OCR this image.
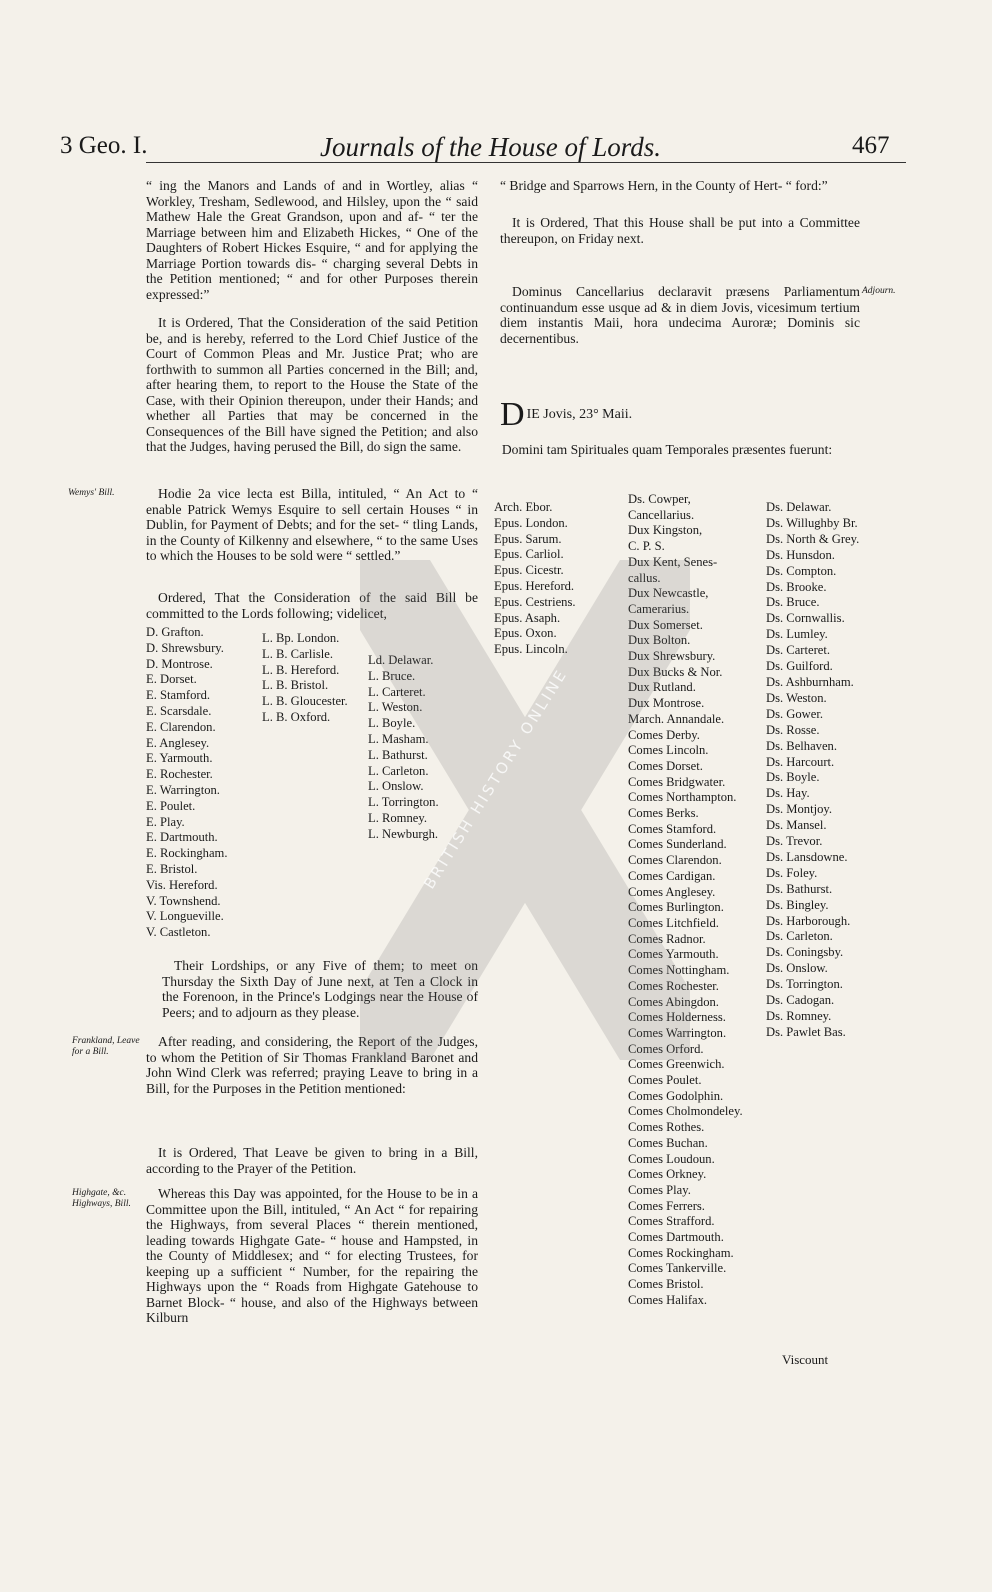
3 Geo. I.	Journals of the House of Lords.	467
“ ing the Manors and Lands of and in Wortley, alias “ Workley, Tresham, Sedlewood, and Hilsley, upon the “ said Mathew Hale the Great Grandson, upon and af- “ ter the Marriage between him and Elizabeth Hickes, “ One of the Daughters of Robert Hickes Esquire, “ and for applying the Marriage Portion towards dis- “ charging several Debts in the Petition mentioned; “ and for other Purposes therein expressed:”
It is Ordered, That the Consideration of the said Petition be, and is hereby, referred to the Lord Chief Justice of the Court of Common Pleas and Mr. Justice Prat; who are forthwith to summon all Parties concerned in the Bill; and, after hearing them, to report to the House the State of the Case, with their Opinion thereupon, under their Hands; and whether all Parties that may be concerned in the Consequences of the Bill have signed the Petition; and also that the Judges, having perused the Bill, do sign the same.
Wemys' Bill.	Hodie 2a vice lecta est Billa, intituled, “ An Act to “ enable Patrick Wemys Esquire to sell certain Houses “ in Dublin, for Payment of Debts; and for the set- “ tling Lands, in the County of Kilkenny and elsewhere, “ to the same Uses to which the Houses to be sold were “ settled.”
Ordered, That the Consideration of the said Bill be committed to the Lords following; videlicet,
D. Grafton.
D. Shrewsbury.
D. Montrose.
E. Dorset.
E. Stamford.
E. Scarsdale.
E. Clarendon.
E. Anglesey.
E. Yarmouth.
E. Rochester.
E. Warrington.
E. Poulet.
E. Play.
E. Dartmouth.
E. Rockingham.
E. Bristol.
Vis. Hereford.
V. Townshend.
V. Longueville.
V. Castleton.
L. Bp. London.
L. B. Carlisle.
L. B. Hereford.
L. B. Bristol.
L. B. Gloucester.
L. B. Oxford.
Ld. Delawar.
L. Bruce.
L. Carteret.
L. Weston.
L. Boyle.
L. Masham.
L. Bathurst.
L. Carleton.
L. Onslow.
L. Torrington.
L. Romney.
L. Newburgh.
Their Lordships, or any Five of them; to meet on Thursday the Sixth Day of June next, at Ten a Clock in the Forenoon, in the Prince's Lodgings near the House of Peers; and to adjourn as they please.
Frankland, Leave for a Bill.
After reading, and considering, the Report of the Judges, to whom the Petition of Sir Thomas Frankland Baronet and John Wind Clerk was referred; praying Leave to bring in a Bill, for the Purposes in the Petition mentioned:
It is Ordered, That Leave be given to bring in a Bill, according to the Prayer of the Petition.
Highgate, &c. Highways, Bill.
Whereas this Day was appointed, for the House to be in a Committee upon the Bill, intituled, “ An Act “ for repairing the Highways, from several Places “ therein mentioned, leading towards Highgate Gate- “ house and Hampsted, in the County of Middlesex; and “ for electing Trustees, for keeping up a sufficient “ Number, for the repairing the Highways upon the “ Roads from Highgate Gatehouse to Barnet Block- “ house, and also of the Highways between Kilburn
“ Bridge and Sparrows Hern, in the County of Hert- “ ford:”
It is Ordered, That this House shall be put into a Committee thereupon, on Friday next.
Dominus Cancellarius declaravit præsens Parliamentum continuandum esse usque ad & in diem Jovis, vicesimum tertium diem instantis Maii, hora undecima Auroræ; Dominis sic decernentibus.
Adjourn.
DIE Jovis, 23° Maii.
Domini tam Spirituales quam Temporales præsentes fuerunt:
Arch. Ebor.
Epus. London.
Epus. Sarum.
Epus. Carliol.
Epus. Cicestr.
Epus. Hereford.
Epus. Cestriens.
Epus. Asaph.
Epus. Oxon.
Epus. Lincoln.
Ds. Cowper,
Cancellarius.
Dux Kingston,
C. P. S.
Dux Kent, Senes-
callus.
Dux Newcastle,
Camerarius.
Dux Somerset.
Dux Bolton.
Dux Shrewsbury.
Dux Bucks & Nor.
Dux Rutland.
Dux Montrose.
March. Annandale.
Comes Derby.
Comes Lincoln.
Comes Dorset.
Comes Bridgwater.
Comes Northampton.
Comes Berks.
Comes Stamford.
Comes Sunderland.
Comes Clarendon.
Comes Cardigan.
Comes Anglesey.
Comes Burlington.
Comes Litchfield.
Comes Radnor.
Comes Yarmouth.
Comes Nottingham.
Comes Rochester.
Comes Abingdon.
Comes Holderness.
Comes Warrington.
Comes Orford.
Comes Greenwich.
Comes Poulet.
Comes Godolphin.
Comes Cholmondeley.
Comes Rothes.
Comes Buchan.
Comes Loudoun.
Comes Orkney.
Comes Play.
Comes Ferrers.
Comes Strafford.
Comes Dartmouth.
Comes Rockingham.
Comes Tankerville.
Comes Bristol.
Comes Halifax.
Ds. Delawar.
Ds. Willughby Br.
Ds. North & Grey.
Ds. Hunsdon.
Ds. Compton.
Ds. Brooke.
Ds. Bruce.
Ds. Cornwallis.
Ds. Lumley.
Ds. Carteret.
Ds. Guilford.
Ds. Ashburnham.
Ds. Weston.
Ds. Gower.
Ds. Rosse.
Ds. Belhaven.
Ds. Harcourt.
Ds. Boyle.
Ds. Hay.
Ds. Montjoy.
Ds. Mansel.
Ds. Trevor.
Ds. Lansdowne.
Ds. Foley.
Ds. Bathurst.
Ds. Bingley.
Ds. Harborough.
Ds. Carleton.
Ds. Coningsby.
Ds. Onslow.
Ds. Torrington.
Ds. Cadogan.
Ds. Romney.
Ds. Pawlet Bas.
Viscount
BRITISH HISTORY ONLINE
